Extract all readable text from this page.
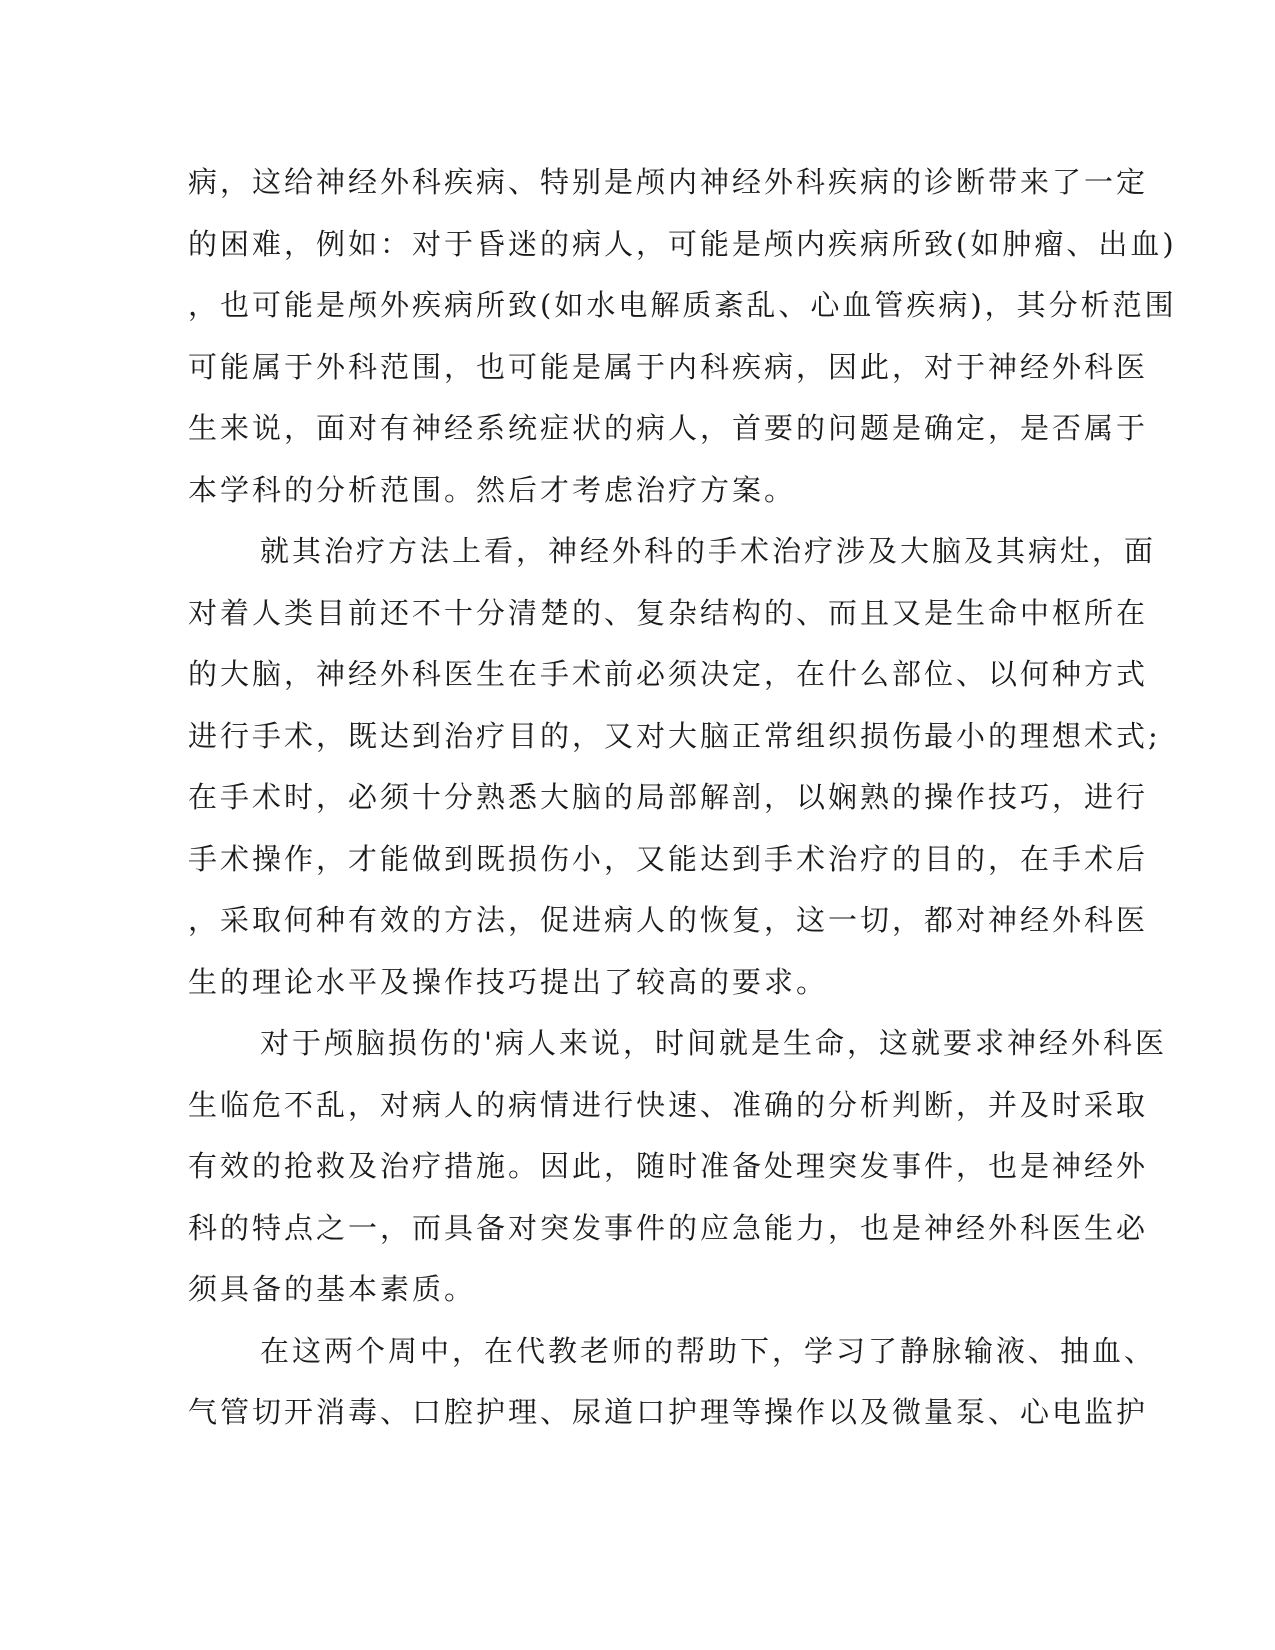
病，这给神经外科疾病、特别是颅内神经外科疾病的诊断带来了一定
的困难，例如：对于昏迷的病人，可能是颅内疾病所致(如肿瘤、出血)
，也可能是颅外疾病所致(如水电解质紊乱、心血管疾病)，其分析范围
可能属于外科范围，也可能是属于内科疾病，因此，对于神经外科医
生来说，面对有神经系统症状的病人，首要的问题是确定，是否属于
本学科的分析范围。然后才考虑治疗方案。
就其治疗方法上看，神经外科的手术治疗涉及大脑及其病灶，面
对着人类目前还不十分清楚的、复杂结构的、而且又是生命中枢所在
的大脑，神经外科医生在手术前必须决定，在什么部位、以何种方式
进行手术，既达到治疗目的，又对大脑正常组织损伤最小的理想术式;
在手术时，必须十分熟悉大脑的局部解剖，以娴熟的操作技巧，进行
手术操作，才能做到既损伤小，又能达到手术治疗的目的，在手术后
，采取何种有效的方法，促进病人的恢复，这一切，都对神经外科医
生的理论水平及操作技巧提出了较高的要求。
对于颅脑损伤的'病人来说，时间就是生命，这就要求神经外科医
生临危不乱，对病人的病情进行快速、准确的分析判断，并及时采取
有效的抢救及治疗措施。因此，随时准备处理突发事件，也是神经外
科的特点之一，而具备对突发事件的应急能力，也是神经外科医生必
须具备的基本素质。
在这两个周中，在代教老师的帮助下，学习了静脉输液、抽血、
气管切开消毒、口腔护理、尿道口护理等操作以及微量泵、心电监护
